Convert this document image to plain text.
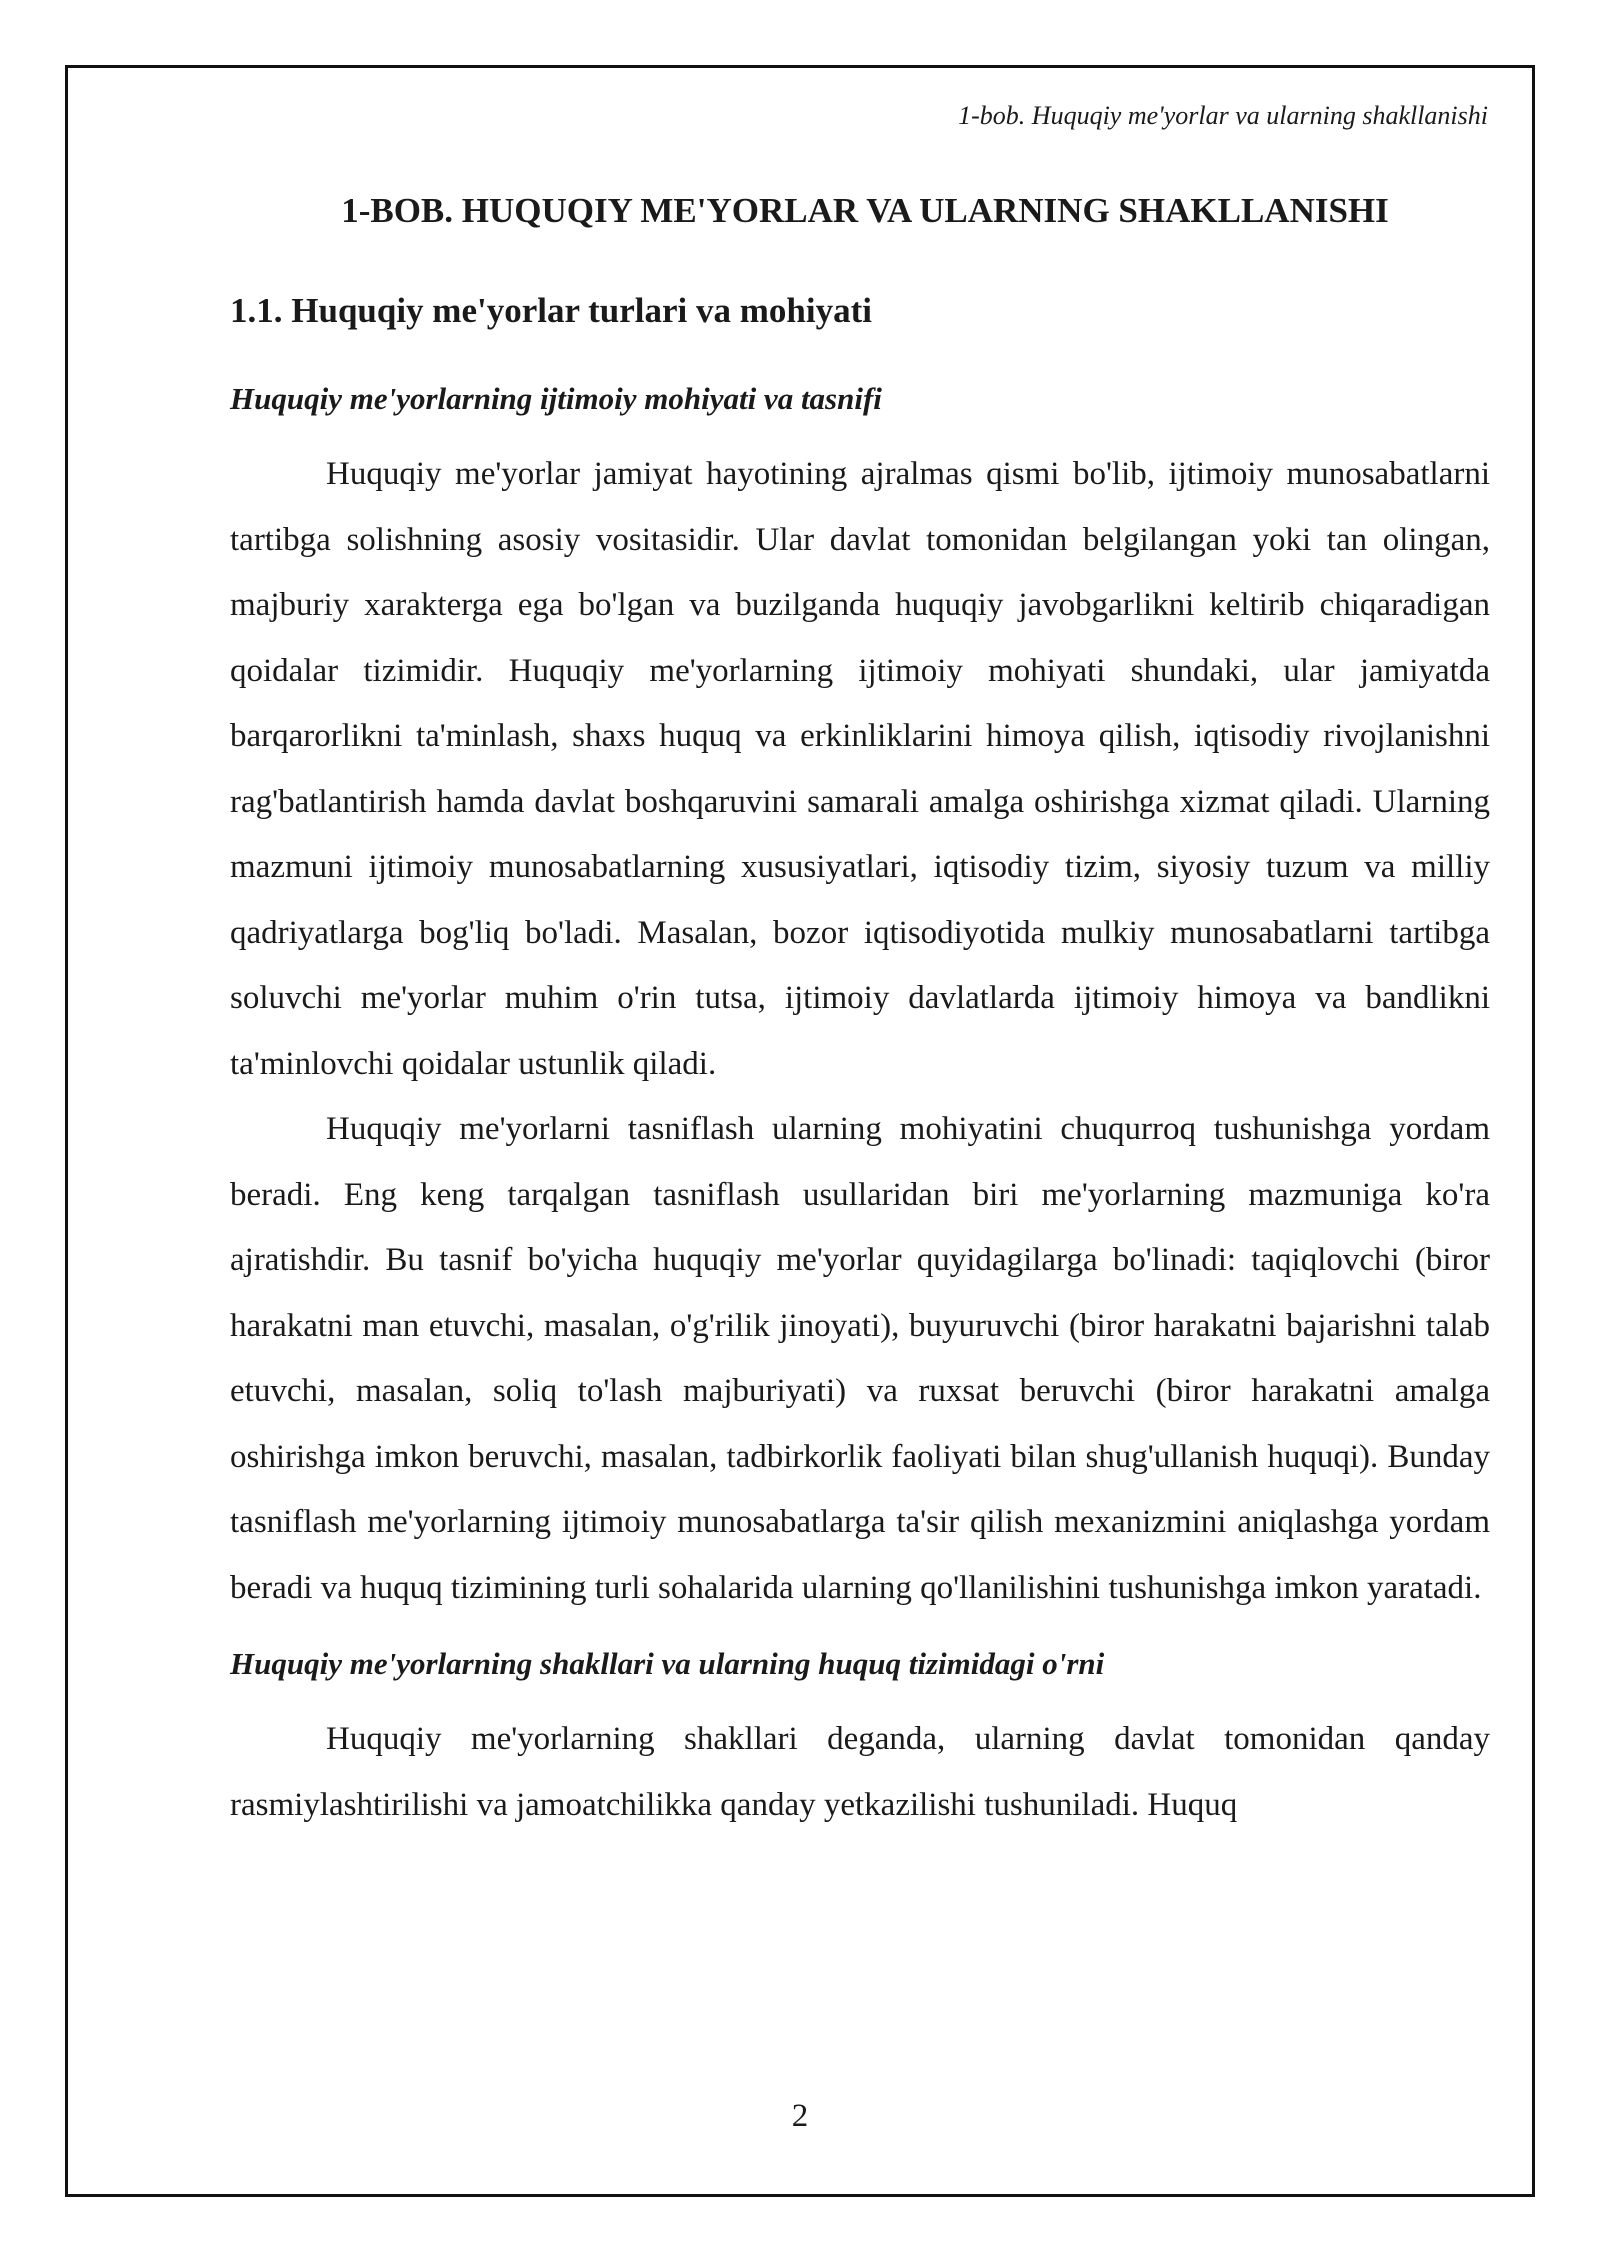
1-bob. Huquqiy me'yorlar va ularning shakllanishi
1-BOB. HUQUQIY ME'YORLAR VA ULARNING SHAKLLANISHI
1.1. Huquqiy me'yorlar turlari va mohiyati
Huquqiy me'yorlarning ijtimoiy mohiyati va tasnifi

Huquqiy me'yorlar jamiyat hayotining ajralmas qismi bo'lib, ijtimoiy munosabatlarni tartibga solishning asosiy vositasidir. Ular davlat tomonidan belgilangan yoki tan olingan, majburiy xarakterga ega bo'lgan va buzilganda huquqiy javobgarlikni keltirib chiqaradigan qoidalar tizimidir. Huquqiy me'yorlarning ijtimoiy mohiyati shundaki, ular jamiyatda barqarorlikni ta'minlash, shaxs huquq va erkinliklarini himoya qilish, iqtisodiy rivojlanishni rag'batlantirish hamda davlat boshqaruvini samarali amalga oshirishga xizmat qiladi. Ularning mazmuni ijtimoiy munosabatlarning xususiyatlari, iqtisodiy tizim, siyosiy tuzum va milliy qadriyatlarga bog'liq bo'ladi. Masalan, bozor iqtisodiyotida mulkiy munosabatlarni tartibga soluvchi me'yorlar muhim o'rin tutsa, ijtimoiy davlatlarda ijtimoiy himoya va bandlikni ta'minlovchi qoidalar ustunlik qiladi.

Huquqiy me'yorlarni tasniflash ularning mohiyatini chuqurroq tushunishga yordam beradi. Eng keng tarqalgan tasniflash usullaridan biri me'yorlarning mazmuniga ko'ra ajratishdir. Bu tasnif bo'yicha huquqiy me'yorlar quyidagilarga bo'linadi: taqiqlovchi (biror harakatni man etuvchi, masalan, o'g'rilik jinoyati), buyuruvchi (biror harakatni bajarishni talab etuvchi, masalan, soliq to'lash majburiyati) va ruxsat beruvchi (biror harakatni amalga oshirishga imkon beruvchi, masalan, tadbirkorlik faoliyati bilan shug'ullanish huquqi). Bunday tasniflash me'yorlarning ijtimoiy munosabatlarga ta'sir qilish mexanizmini aniqlashga yordam beradi va huquq tizimining turli sohalarida ularning qo'llanilishini tushunishga imkon yaratadi.

Huquqiy me'yorlarning shakllari va ularning huquq tizimidagi o'rni

Huquqiy me'yorlarning shakllari deganda, ularning davlat tomonidan qanday rasmiylashtirilishi va jamoatchilikka qanday yetkazilishi tushuniladi. Huquq

2
